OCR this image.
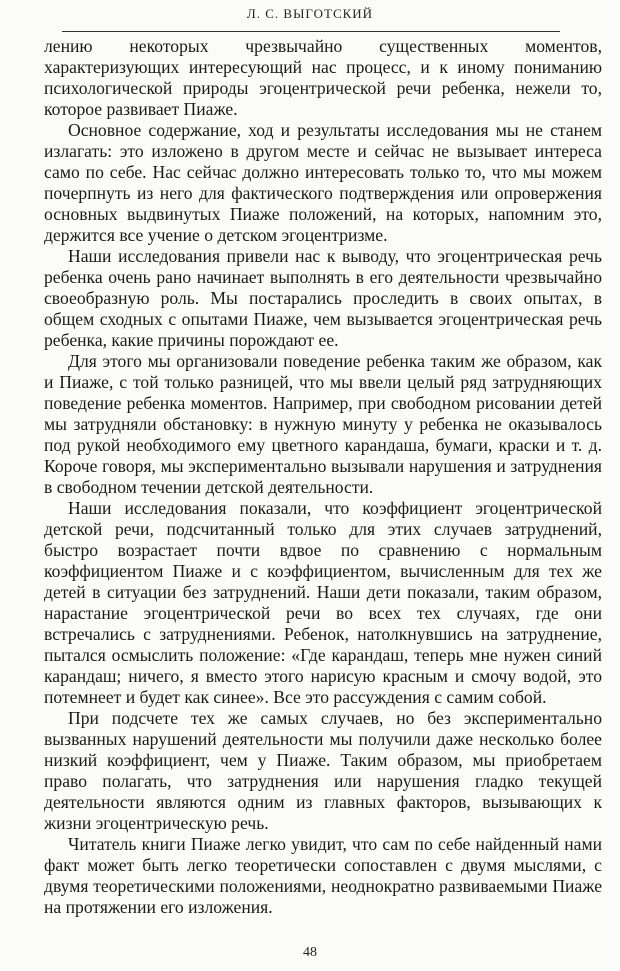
Л. С. ВЫГОТСКИЙ

лению некоторых чрезвычайно существенных моментов, характеризующих интересующий нас процесс, и к иному пониманию психологической природы эгоцентрической речи ребенка, нежели то, которое развивает Пиаже.

Основное содержание, ход и результаты исследования мы не станем излагать: это изложено в другом месте и сейчас не вызывает интереса само по себе. Нас сейчас должно интересовать только то, что мы можем почерпнуть из него для фактического подтверждения или опровержения основных выдвинутых Пиаже положений, на которых, напомним это, держится все учение о детском эгоцентризме.

Наши исследования привели нас к выводу, что эгоцентрическая речь ребенка очень рано начинает выполнять в его деятельности чрезвычайно своеобразную роль. Мы постарались проследить в своих опытах, в общем сходных с опытами Пиаже, чем вызывается эгоцентрическая речь ребенка, какие причины порождают ее.

Для этого мы организовали поведение ребенка таким же образом, как и Пиаже, с той только разницей, что мы ввели целый ряд затрудняющих поведение ребенка моментов. Например, при свободном рисовании детей мы затрудняли обстановку: в нужную минуту у ребенка не оказывалось под рукой необходимого ему цветного карандаша, бумаги, краски и т. д. Короче говоря, мы экспериментально вызывали нарушения и затруднения в свободном течении детской деятельности.

Наши исследования показали, что коэффициент эгоцентрической детской речи, подсчитанный только для этих случаев затруднений, быстро возрастает почти вдвое по сравнению с нормальным коэффициентом Пиаже и с коэффициентом, вычисленным для тех же детей в ситуации без затруднений. Наши дети показали, таким образом, нарастание эгоцентрической речи во всех тех случаях, где они встречались с затруднениями. Ребенок, натолкнувшись на затруднение, пытался осмыслить положение: «Где карандаш, теперь мне нужен синий карандаш; ничего, я вместо этого нарисую красным и смочу водой, это потемнеет и будет как синее». Все это рассуждения с самим собой.

При подсчете тех же самых случаев, но без экспериментально вызванных нарушений деятельности мы получили даже несколько более низкий коэффициент, чем у Пиаже. Таким образом, мы приобретаем право полагать, что затруднения или нарушения гладко текущей деятельности являются одним из главных факторов, вызывающих к жизни эгоцентрическую речь.

Читатель книги Пиаже легко увидит, что сам по себе найденный нами факт может быть легко теоретически сопоставлен с двумя мыслями, с двумя теоретическими положениями, неоднократно развиваемыми Пиаже на протяжении его изложения.

48
